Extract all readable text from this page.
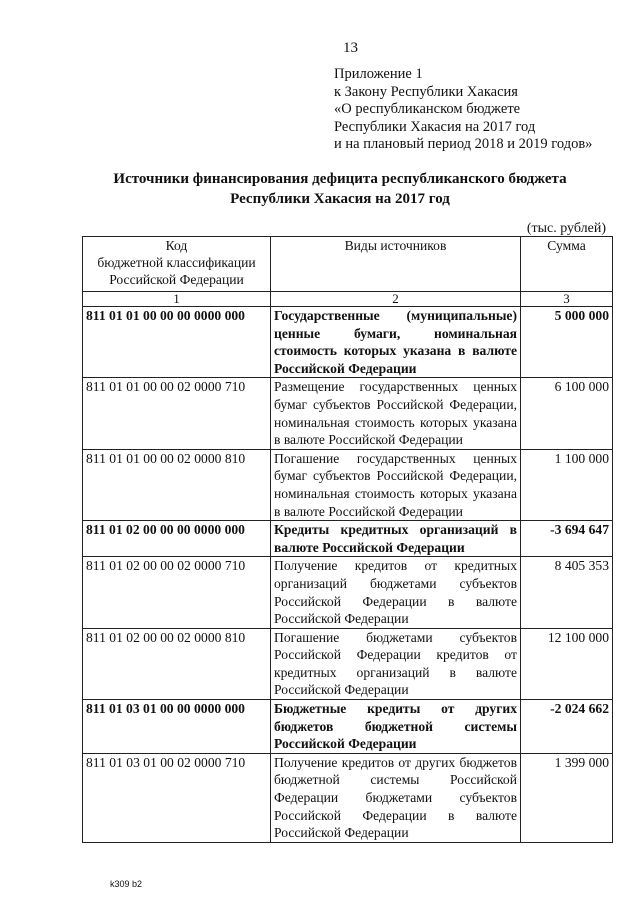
13
Приложение 1
к Закону Республики Хакасия
«О республиканском бюджете
Республики Хакасия на 2017 год
и на плановый период 2018 и 2019 годов»
Источники финансирования дефицита республиканского бюджета
Республики Хакасия на 2017 год
(тыс. рублей)
Код
бюджетной классификации
Российской Федерации	Виды источников	Сумма
1	2	3
811 01 01 00 00 00 0000 000	Государственные (муниципальные) ценные бумаги, номинальная стоимость которых указана в валюте Российской Федерации	5 000 000
811 01 01 00 00 02 0000 710	Размещение государственных ценных бумаг субъектов Российской Федерации, номинальная стоимость которых указана в валюте Российской Федерации	6 100 000
811 01 01 00 00 02 0000 810	Погашение государственных ценных бумаг субъектов Российской Федерации, номинальная стоимость которых указана в валюте Российской Федерации	1 100 000
811 01 02 00 00 00 0000 000	Кредиты кредитных организаций в валюте Российской Федерации	-3 694 647
811 01 02 00 00 02 0000 710	Получение кредитов от кредитных организаций бюджетами субъектов Российской Федерации в валюте Российской Федерации	8 405 353
811 01 02 00 00 02 0000 810	Погашение бюджетами субъектов Российской Федерации кредитов от кредитных организаций в валюте Российской Федерации	12 100 000
811 01 03 01 00 00 0000 000	Бюджетные кредиты от других бюджетов бюджетной системы Российской Федерации	-2 024 662
811 01 03 01 00 02 0000 710	Получение кредитов от других бюджетов бюджетной системы Российской Федерации бюджетами субъектов Российской Федерации в валюте Российской Федерации	1 399 000
k309 b2
